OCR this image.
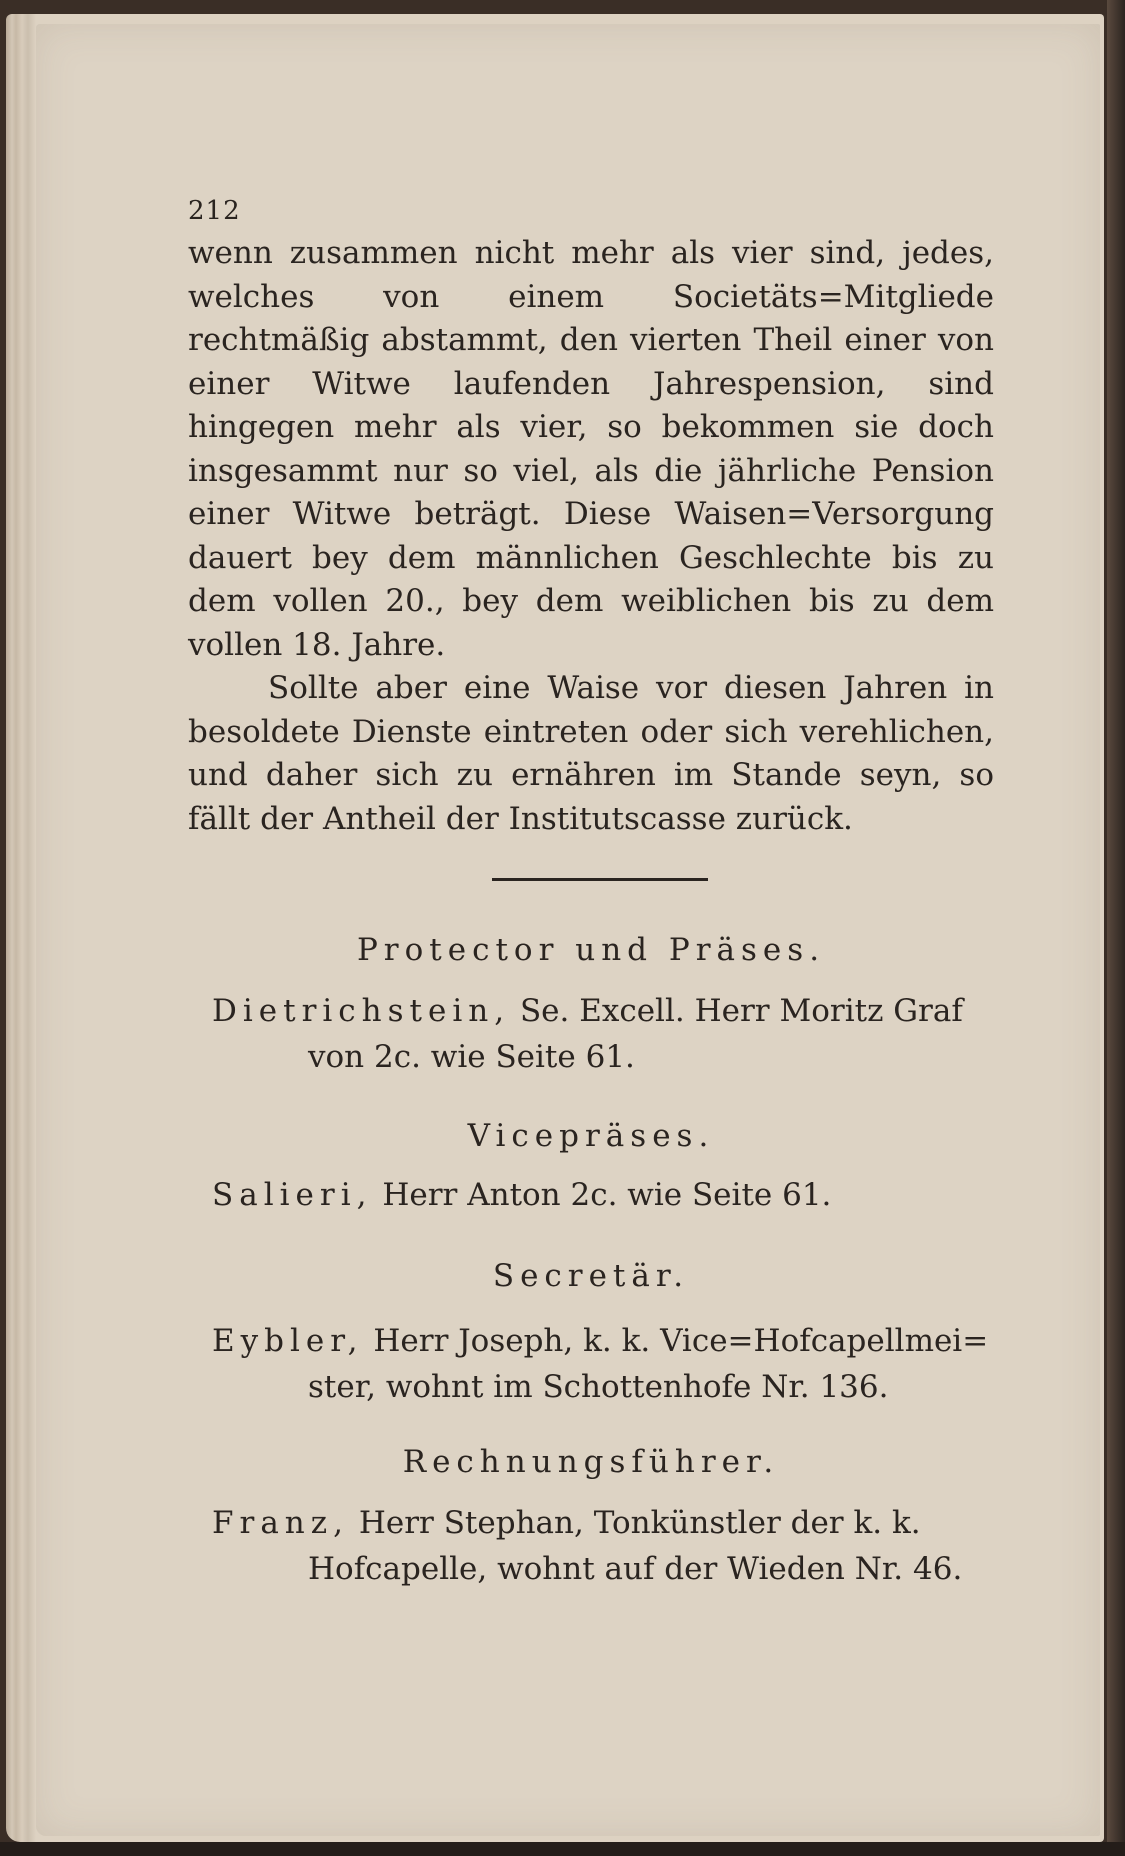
212

wenn zusammen nicht mehr als vier sind, jedes, welches von einem Societäts=Mitgliede rechtmäßig abstammt, den vierten Theil einer von einer Witwe laufenden Jahrespension, sind hingegen mehr als vier, so bekommen sie doch insgesammt nur so viel, als die jährliche Pension einer Witwe beträgt. Diese Waisen=Versorgung dauert bey dem männlichen Geschlechte bis zu dem vollen 20., bey dem weiblichen bis zu dem vollen 18. Jahre.

Sollte aber eine Waise vor diesen Jahren in besoldete Dienste eintreten oder sich verehlichen, und daher sich zu ernähren im Stande seyn, so fällt der Antheil der Institutscasse zurück.

Protector und Präses.
Dietrichstein, Se. Excell. Herr Moritz Graf
von 2c. wie Seite 61.
Vicepräses.
Salieri, Herr Anton 2c. wie Seite 61.
Secretär.
Eybler, Herr Joseph, k. k. Vice=Hofcapellmei=
ster, wohnt im Schottenhofe Nr. 136.
Rechnungsführer.
Franz, Herr Stephan, Tonkünstler der k. k.
Hofcapelle, wohnt auf der Wieden Nr. 46.
